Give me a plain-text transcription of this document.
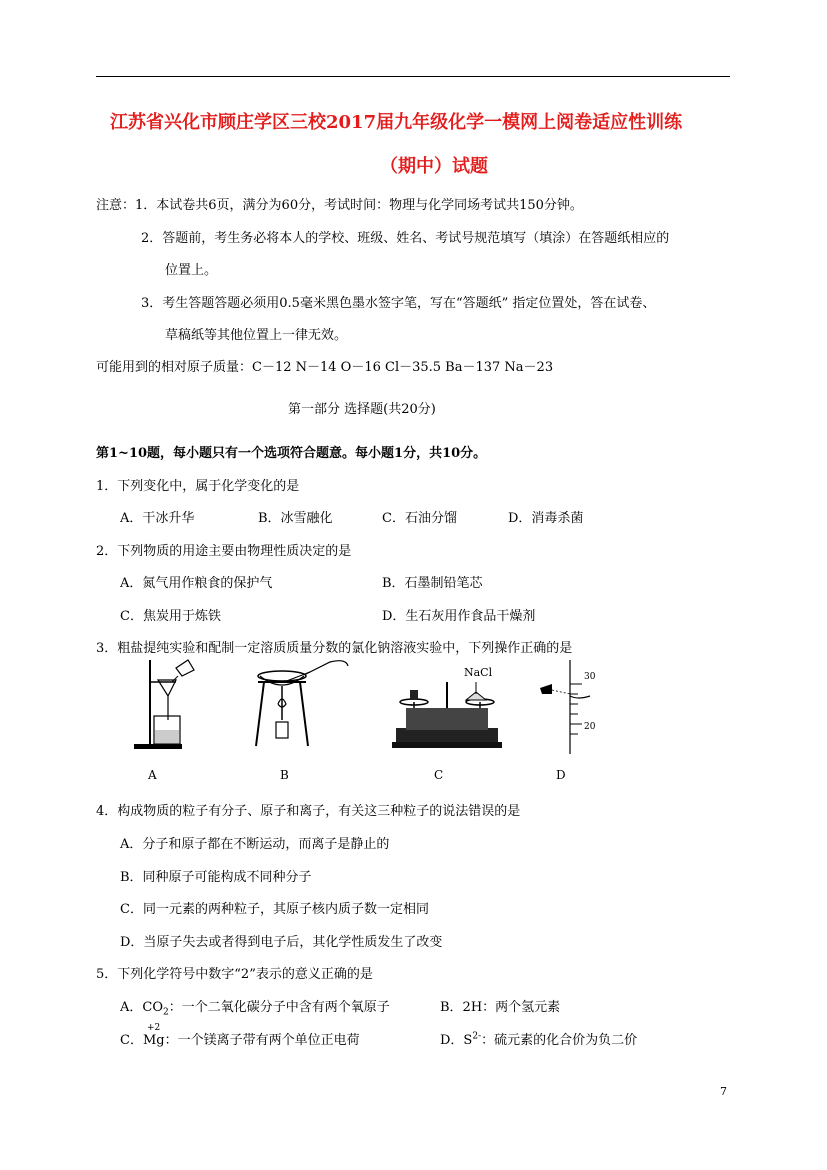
江苏省兴化市顾庄学区三校2017届九年级化学一模网上阅卷适应性训练
（期中）试题
注意：1．本试卷共6页，满分为60分，考试时间：物理与化学同场考试共150分钟。
2．答题前，考生务必将本人的学校、班级、姓名、考试号规范填写（填涂）在答题纸相应的
位置上。
3．考生答题答题必须用0.5毫米黑色墨水签字笔，写在“答题纸” 指定位置处，答在试卷、
草稿纸等其他位置上一律无效。
可能用到的相对原子质量：C－12 N－14 O－16 Cl－35.5 Ba－137 Na－23
第一部分 选择题(共20分)
第1~10题，每小题只有一个选项符合题意。每小题1分，共10分。
1．下列变化中，属于化学变化的是
A．干冰升华	B．冰雪融化	C．石油分馏	D．消毒杀菌
2．下列物质的用途主要由物理性质决定的是
A．氮气用作粮食的保护气	B．石墨制铅笔芯
C．焦炭用于炼铁	D．生石灰用作食品干燥剂
3．粗盐提纯实验和配制一定溶质质量分数的氯化钠溶液实验中，下列操作正确的是
A	B
NaCl
C
30
20
D
4．构成物质的粒子有分子、原子和离子，有关这三种粒子的说法错误的是
A．分子和原子都在不断运动，而离子是静止的
B．同种原子可能构成不同种分子
C．同一元素的两种粒子，其原子核内质子数一定相同
D．当原子失去或者得到电子后，其化学性质发生了改变
5．下列化学符号中数字“2”表示的意义正确的是
A．$CO_2$：一个二氧化碳分子中含有两个氧原子	B．2H：两个氢元素
C．
+2
Mg：一个镁离子带有两个单位正电荷	D．$S^{2-}$：硫元素的化合价为负二价
7
